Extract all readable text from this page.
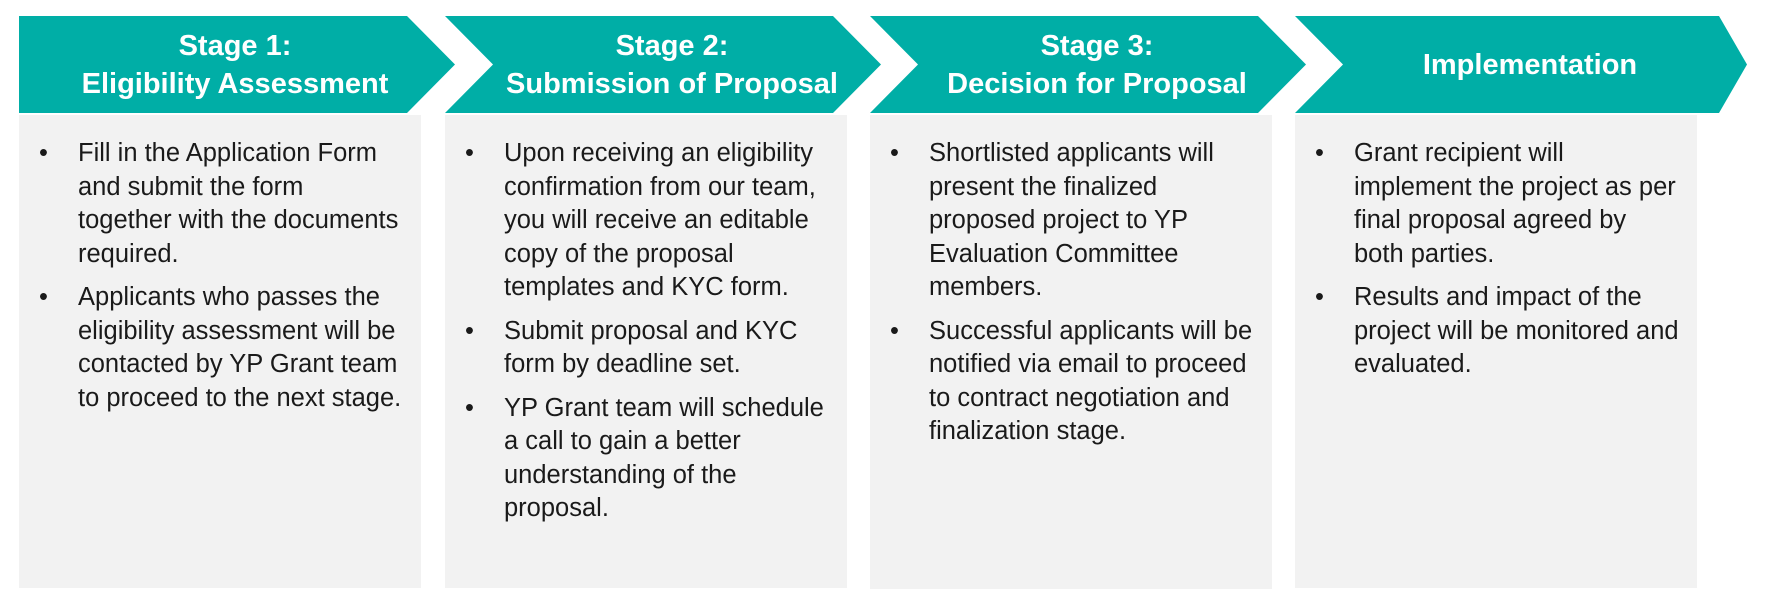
Stage 1:
Eligibility Assessment
•	Fill in the Application Form and submit the form together with the documents required.
•	Applicants who passes the eligibility assessment will be contacted by YP Grant team to proceed to the next stage.
Stage 2:
Submission of Proposal
•	Upon receiving an eligibility confirmation from our team, you will receive an editable copy of the proposal templates and KYC form.
•	Submit proposal and KYC form by deadline set.
•	YP Grant team will schedule a call to gain a better understanding of the proposal.
Stage 3:
Decision for Proposal
•	Shortlisted applicants will present the finalized proposed project to YP Evaluation Committee members.
•	Successful applicants will be notified via email to proceed to contract negotiation and finalization stage.
Implementation
•	Grant recipient will implement the project as per final proposal agreed by both parties.
•	Results and impact of the project will be monitored and evaluated.
